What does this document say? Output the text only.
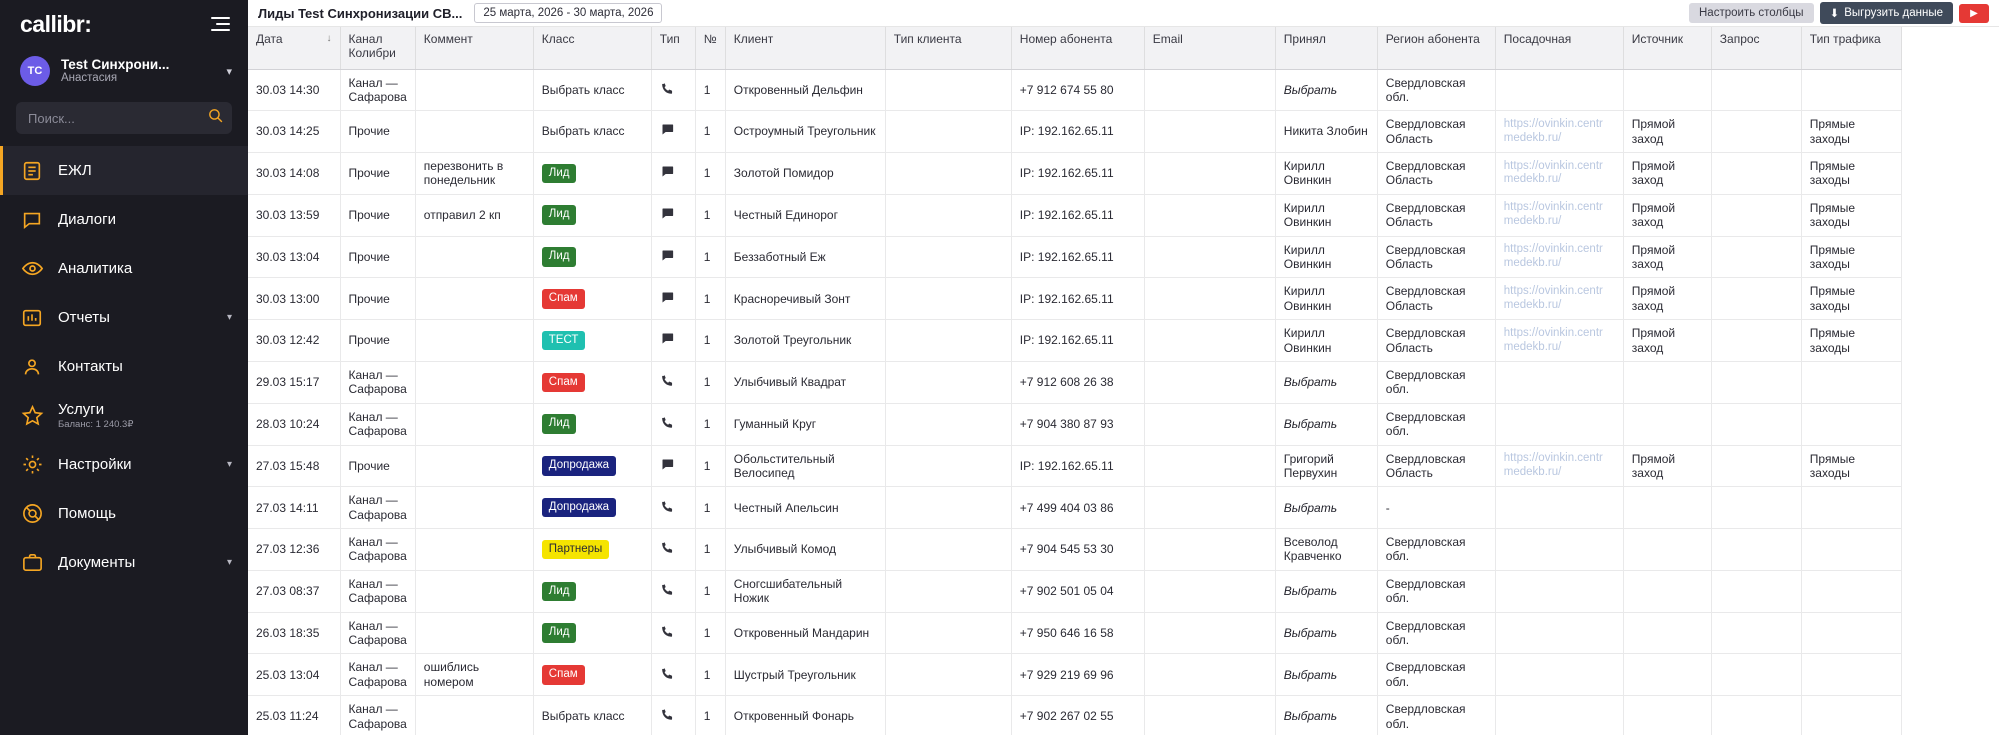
callibr:
ТС	Test Синхрони...
Анастасия
▾
Поиск...
ЕЖЛ
Диалоги
Аналитика
Отчеты	▾
Контакты
Услуги
Баланс: 1 240.3₽
Настройки	▾
Помощь
Документы	▾
Лиды Test Синхронизации СВ...	25 марта, 2026 - 30 марта, 2026	Настроить столбцы	⬇ Выгрузить данные	▶
Дата ↓	Канал Колибри	Коммент	Класс	Тип	№	Клиент	Тип клиента	Номер абонента	Email	Принял	Регион абонента	Посадочная	Источник	Запрос	Тип трафика

30.03 14:30	Канал — Сафарова		Выбрать класс		1	Откровенный Дельфин		+7 912 674 55 80		Выбрать	Свердловская обл.				
30.03 14:25	Прочие		Выбрать класс		1	Остроумный Треугольник		IP: 192.162.65.11		Никита Злобин	Свердловская Область	https://ovinkin.centr medekb.ru/	Прямой заход		Прямые заходы
30.03 14:08	Прочие	перезвонить в понедельник	Лид		1	Золотой Помидор		IP: 192.162.65.11		Кирилл Овинкин	Свердловская Область	https://ovinkin.centr medekb.ru/	Прямой заход		Прямые заходы
30.03 13:59	Прочие	отправил 2 кп	Лид		1	Честный Единорог		IP: 192.162.65.11		Кирилл Овинкин	Свердловская Область	https://ovinkin.centr medekb.ru/	Прямой заход		Прямые заходы
30.03 13:04	Прочие		Лид		1	Беззаботный Еж		IP: 192.162.65.11		Кирилл Овинкин	Свердловская Область	https://ovinkin.centr medekb.ru/	Прямой заход		Прямые заходы
30.03 13:00	Прочие		Спам		1	Красноречивый Зонт		IP: 192.162.65.11		Кирилл Овинкин	Свердловская Область	https://ovinkin.centr medekb.ru/	Прямой заход		Прямые заходы
30.03 12:42	Прочие		ТЕСТ		1	Золотой Треугольник		IP: 192.162.65.11		Кирилл Овинкин	Свердловская Область	https://ovinkin.centr medekb.ru/	Прямой заход		Прямые заходы
29.03 15:17	Канал — Сафарова		Спам		1	Улыбчивый Квадрат		+7 912 608 26 38		Выбрать	Свердловская обл.				
28.03 10:24	Канал — Сафарова		Лид		1	Гуманный Круг		+7 904 380 87 93		Выбрать	Свердловская обл.				
27.03 15:48	Прочие		Допродажа		1	Обольстительный Велосипед		IP: 192.162.65.11		Григорий Первухин	Свердловская Область	https://ovinkin.centr medekb.ru/	Прямой заход		Прямые заходы
27.03 14:11	Канал — Сафарова		Допродажа		1	Честный Апельсин		+7 499 404 03 86		Выбрать	-				
27.03 12:36	Канал — Сафарова		Партнеры		1	Улыбчивый Комод		+7 904 545 53 30		Всеволод Кравченко	Свердловская обл.				
27.03 08:37	Канал — Сафарова		Лид		1	Сногсшибательный Ножик		+7 902 501 05 04		Выбрать	Свердловская обл.				
26.03 18:35	Канал — Сафарова		Лид		1	Откровенный Мандарин		+7 950 646 16 58		Выбрать	Свердловская обл.				
25.03 13:04	Канал — Сафарова	ошиблись номером	Спам		1	Шустрый Треугольник		+7 929 219 69 96		Выбрать	Свердловская обл.				
25.03 11:24	Канал — Сафарова		Выбрать класс		1	Откровенный Фонарь		+7 902 267 02 55		Выбрать	Свердловская обл.				
